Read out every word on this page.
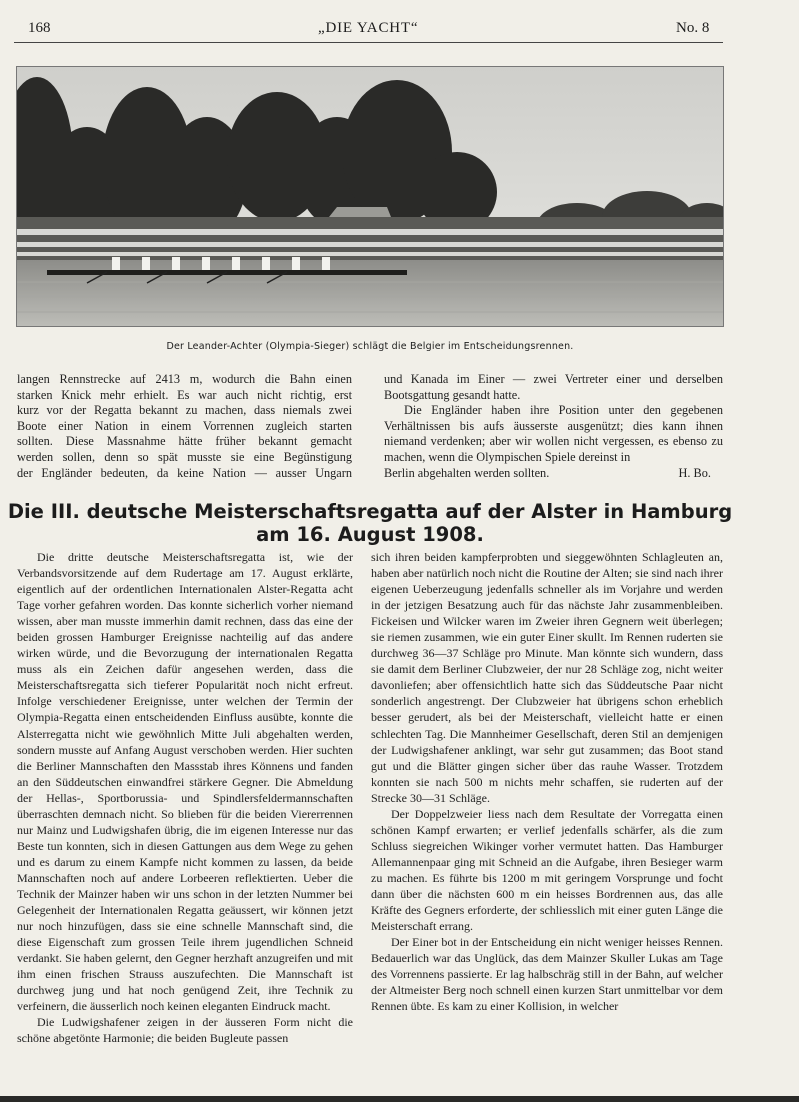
168	„DIE YACHT“	No. 8
Der Leander-Achter (Olympia-Sieger) schlägt die Belgier im Entscheidungsrennen.

langen Rennstrecke auf 2413 m, wodurch die Bahn einen

starken Knick mehr erhielt. Es war auch nicht richtig, erst

kurz vor der Regatta bekannt zu machen, dass niemals zwei

Boote einer Nation in einem Vorrennen zugleich starten

sollten. Diese Massnahme hätte früher bekannt gemacht

werden sollen, denn so spät musste sie eine Begünstigung

der Engländer bedeuten, da keine Nation — ausser Ungarn

und Kanada im Einer — zwei Vertreter einer und derselben Bootsgattung gesandt hatte.

Die Engländer haben ihre Position unter den gegebenen Verhältnissen bis aufs äusserste ausgenützt; dies kann ihnen niemand verdenken; aber wir wollen nicht vergessen, es ebenso zu machen, wenn die Olympischen Spiele dereinst in

Berlin abgehalten werden sollten.	H. Bo.

Die III. deutsche Meisterschaftsregatta auf der Alster in Hamburg
am 16. August 1908.

Die dritte deutsche Meisterschaftsregatta ist, wie der Verbandsvorsitzende auf dem Rudertage am 17. August erklärte, eigentlich auf der ordentlichen Internationalen Alster-Regatta acht Tage vorher gefahren worden. Das konnte sicherlich vorher niemand wissen, aber man musste immerhin damit rechnen, dass das eine der beiden grossen Hamburger Ereignisse nachteilig auf das andere wirken würde, und die Bevorzugung der internationalen Regatta muss als ein Zeichen dafür angesehen werden, dass die Meisterschaftsregatta sich tieferer Popularität noch nicht erfreut. Infolge verschiedener Ereignisse, unter welchen der Termin der Olympia-Regatta einen entscheidenden Einfluss ausübte, konnte die Alsterregatta nicht wie gewöhnlich Mitte Juli abgehalten werden, sondern musste auf Anfang August verschoben werden. Hier suchten die Berliner Mannschaften den Massstab ihres Könnens und fanden an den Süddeutschen einwandfrei stärkere Gegner. Die Abmeldung der Hellas-, Sportborussia- und Spindlersfeldermannschaften überraschten demnach nicht. So blieben für die beiden Viererrennen nur Mainz und Ludwigshafen übrig, die im eigenen Interesse nur das Beste tun konnten, sich in diesen Gattungen aus dem Wege zu gehen und es darum zu einem Kampfe nicht kommen zu lassen, da beide Mannschaften noch auf andere Lorbeeren reflektierten. Ueber die Technik der Mainzer haben wir uns schon in der letzten Nummer bei Gelegenheit der Internationalen Regatta geäussert, wir können jetzt nur noch hinzufügen, dass sie eine schnelle Mannschaft sind, die diese Eigenschaft zum grossen Teile ihrem jugendlichen Schneid verdankt. Sie haben gelernt, den Gegner herzhaft anzugreifen und mit ihm einen frischen Strauss auszufechten. Die Mannschaft ist durchweg jung und hat noch genügend Zeit, ihre Technik zu verfeinern, die äusserlich noch keinen eleganten Eindruck macht.

Die Ludwigshafener zeigen in der äusseren Form nicht die schöne abgetönte Harmonie; die beiden Bugleute passen

sich ihren beiden kampferprobten und sieggewöhnten Schlagleuten an, haben aber natürlich noch nicht die Routine der Alten; sie sind nach ihrer eigenen Ueberzeugung jedenfalls schneller als im Vorjahre und werden in der jetzigen Besatzung auch für das nächste Jahr zusammenbleiben. Fickeisen und Wilcker waren im Zweier ihren Gegnern weit überlegen; sie riemen zusammen, wie ein guter Einer skullt. Im Rennen ruderten sie durchweg 36—37 Schläge pro Minute. Man könnte sich wundern, dass sie damit dem Berliner Clubzweier, der nur 28 Schläge zog, nicht weiter davonliefen; aber offensichtlich hatte sich das Süddeutsche Paar nicht sonderlich angestrengt. Der Clubzweier hat übrigens schon erheblich besser gerudert, als bei der Meisterschaft, vielleicht hatte er einen schlechten Tag. Die Mannheimer Gesellschaft, deren Stil an demjenigen der Ludwigshafener anklingt, war sehr gut zusammen; das Boot stand gut und die Blätter gingen sicher über das rauhe Wasser. Trotzdem konnten sie nach 500 m nichts mehr schaffen, sie ruderten auf der Strecke 30—31 Schläge.

Der Doppelzweier liess nach dem Resultate der Vorregatta einen schönen Kampf erwarten; er verlief jedenfalls schärfer, als die zum Schluss siegreichen Wikinger vorher vermutet hatten. Das Hamburger Allemannenpaar ging mit Schneid an die Aufgabe, ihren Besieger warm zu machen. Es führte bis 1200 m mit geringem Vorsprunge und focht dann über die nächsten 600 m ein heisses Bordrennen aus, das alle Kräfte des Gegners erforderte, der schliesslich mit einer guten Länge die Meisterschaft errang.

Der Einer bot in der Entscheidung ein nicht weniger heisses Rennen. Bedauerlich war das Unglück, das dem Mainzer Skuller Lukas am Tage des Vorrennens passierte. Er lag halbschräg still in der Bahn, auf welcher der Altmeister Berg noch schnell einen kurzen Start unmittelbar vor dem Rennen übte. Es kam zu einer Kollision, in welcher
